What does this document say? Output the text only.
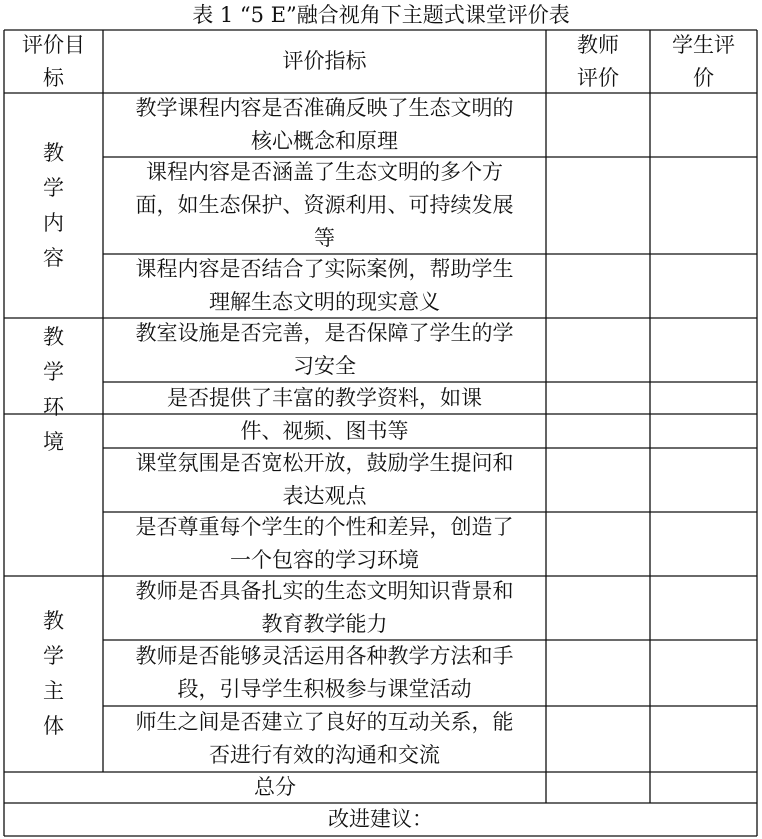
表 1 “5 E”融合视角下主题式课堂评价表
评价目标
评价指标
教师评价
学生评价
教学内容
教学环境
教学主体
教学课程内容是否准确反映了生态文明的核心概念和原理
课程内容是否涵盖了生态文明的多个方面，如生态保护、资源利用、可持续发展等
课程内容是否结合了实际案例，帮助学生理解生态文明的现实意义
教室设施是否完善，是否保障了学生的学习安全
是否提供了丰富的教学资料，如课
件、视频、图书等
课堂氛围是否宽松开放，鼓励学生提问和表达观点
是否尊重每个学生的个性和差异，创造了一个包容的学习环境
教师是否具备扎实的生态文明知识背景和教育教学能力
教师是否能够灵活运用各种教学方法和手段，引导学生积极参与课堂活动
师生之间是否建立了良好的互动关系，能否进行有效的沟通和交流
总分
改进建议：
